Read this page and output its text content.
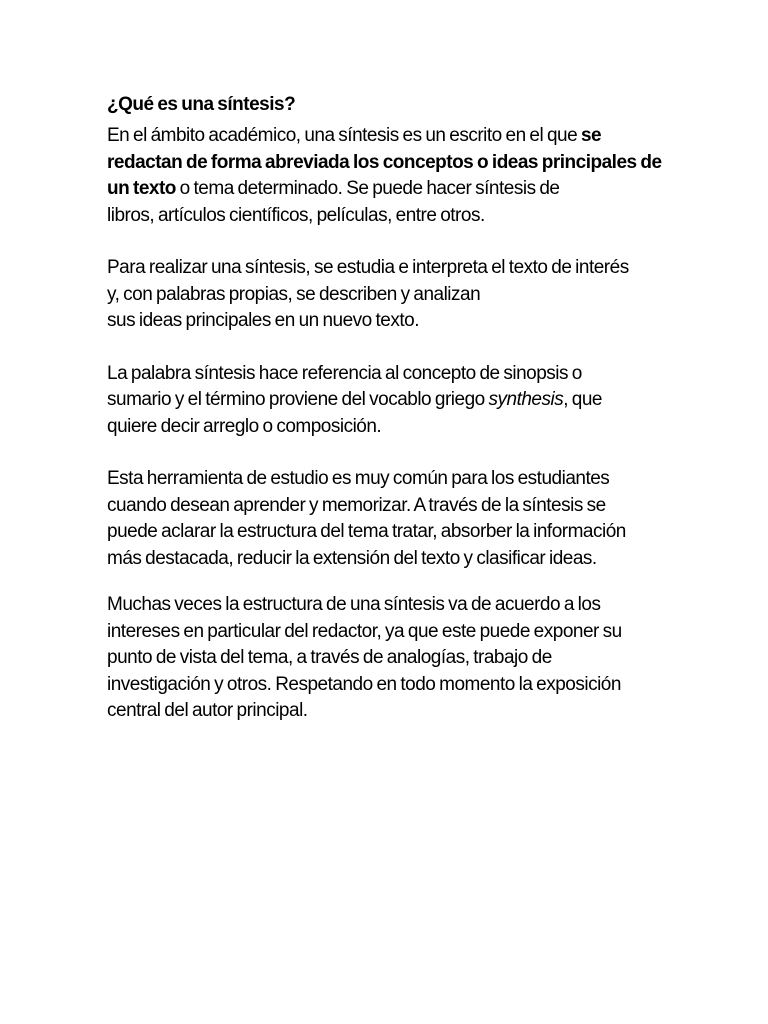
¿Qué es una síntesis?

En el ámbito académico, una síntesis es un escrito en el que se
redactan de forma abreviada los conceptos o ideas principales de
un texto o tema determinado. Se puede hacer síntesis de
libros, artículos científicos, películas, entre otros.

Para realizar una síntesis, se estudia e interpreta el texto de interés
y, con palabras propias, se describen y analizan
sus ideas principales en un nuevo texto.

La palabra síntesis hace referencia al concepto de sinopsis o
sumario y el término proviene del vocablo griego synthesis, que
quiere decir arreglo o composición.

Esta herramienta de estudio es muy común para los estudiantes
cuando desean aprender y memorizar. A través de la síntesis se
puede aclarar la estructura del tema tratar, absorber la información
más destacada, reducir la extensión del texto y clasificar ideas.

Muchas veces la estructura de una síntesis va de acuerdo a los
intereses en particular del redactor, ya que este puede exponer su
punto de vista del tema, a través de analogías, trabajo de
investigación y otros. Respetando en todo momento la exposición
central del autor principal.
